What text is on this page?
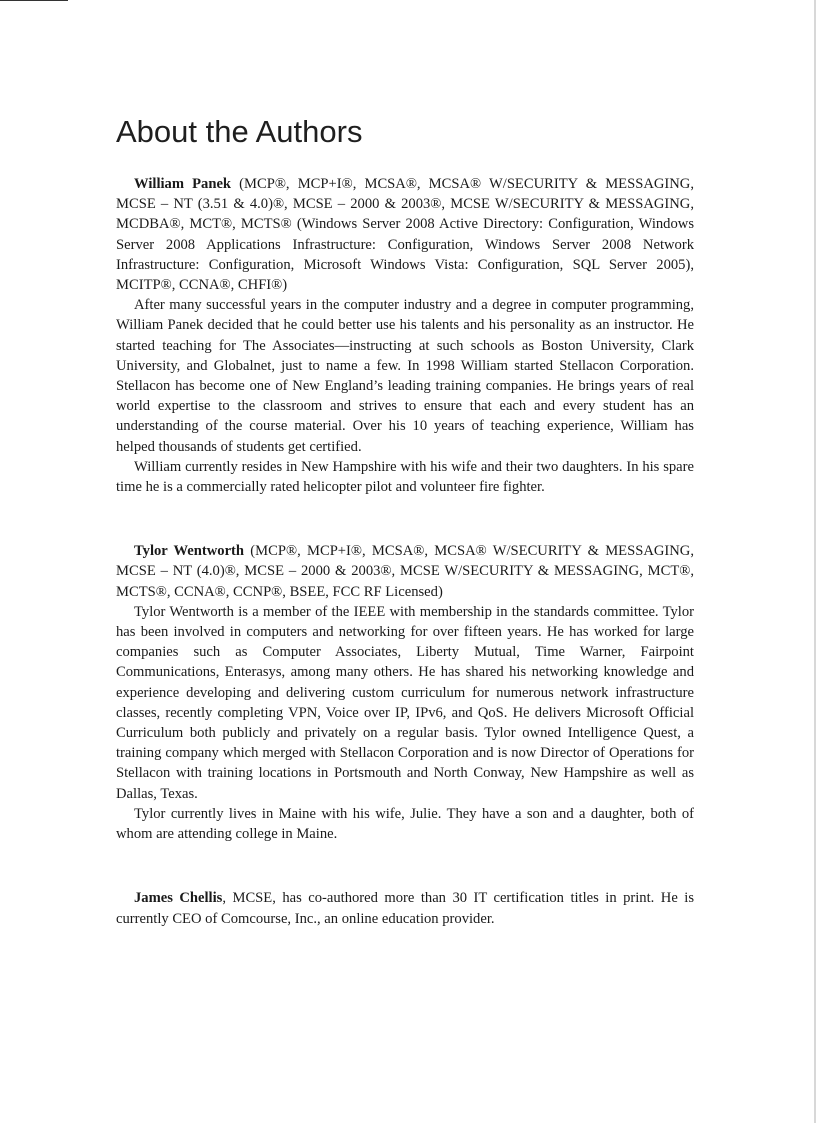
About the Authors

William Panek (MCP®, MCP+I®, MCSA®, MCSA® W/SECURITY & MESSAGING, MCSE – NT (3.51 & 4.0)®, MCSE – 2000 & 2003®, MCSE W/SECURITY & MESSAGING, MCDBA®, MCT®, MCTS® (Windows Server 2008 Active Directory: Configuration, Windows Server 2008 Applications Infrastructure: Configuration, Windows Server 2008 Network Infrastructure: Configuration, Microsoft Windows Vista: Configuration, SQL Server 2005), MCITP®, CCNA®, CHFI®)

After many successful years in the computer industry and a degree in computer programming, William Panek decided that he could better use his talents and his personality as an instructor. He started teaching for The Associates—instructing at such schools as Boston University, Clark University, and Globalnet, just to name a few. In 1998 William started Stellacon Corporation. Stellacon has become one of New England’s leading training companies. He brings years of real world expertise to the classroom and strives to ensure that each and every student has an understanding of the course material. Over his 10 years of teaching experience, William has helped thousands of students get certified.

William currently resides in New Hampshire with his wife and their two daughters. In his spare time he is a commercially rated helicopter pilot and volunteer fire fighter.

Tylor Wentworth (MCP®, MCP+I®, MCSA®, MCSA® W/SECURITY & MESSAGING, MCSE – NT (4.0)®, MCSE – 2000 & 2003®, MCSE W/SECURITY & MESSAGING, MCT®, MCTS®, CCNA®, CCNP®, BSEE, FCC RF Licensed)

Tylor Wentworth is a member of the IEEE with membership in the standards committee. Tylor has been involved in computers and networking for over fifteen years. He has worked for large companies such as Computer Associates, Liberty Mutual, Time Warner, Fairpoint Communications, Enterasys, among many others. He has shared his networking knowledge and experience developing and delivering custom curriculum for numerous network infrastructure classes, recently completing VPN, Voice over IP, IPv6, and QoS. He delivers Microsoft Official Curriculum both publicly and privately on a regular basis. Tylor owned Intelligence Quest, a training company which merged with Stellacon Corporation and is now Director of Operations for Stellacon with training locations in Portsmouth and North Conway, New Hampshire as well as Dallas, Texas.

Tylor currently lives in Maine with his wife, Julie. They have a son and a daughter, both of whom are attending college in Maine.

James Chellis, MCSE, has co-authored more than 30 IT certification titles in print. He is currently CEO of Comcourse, Inc., an online education provider.
